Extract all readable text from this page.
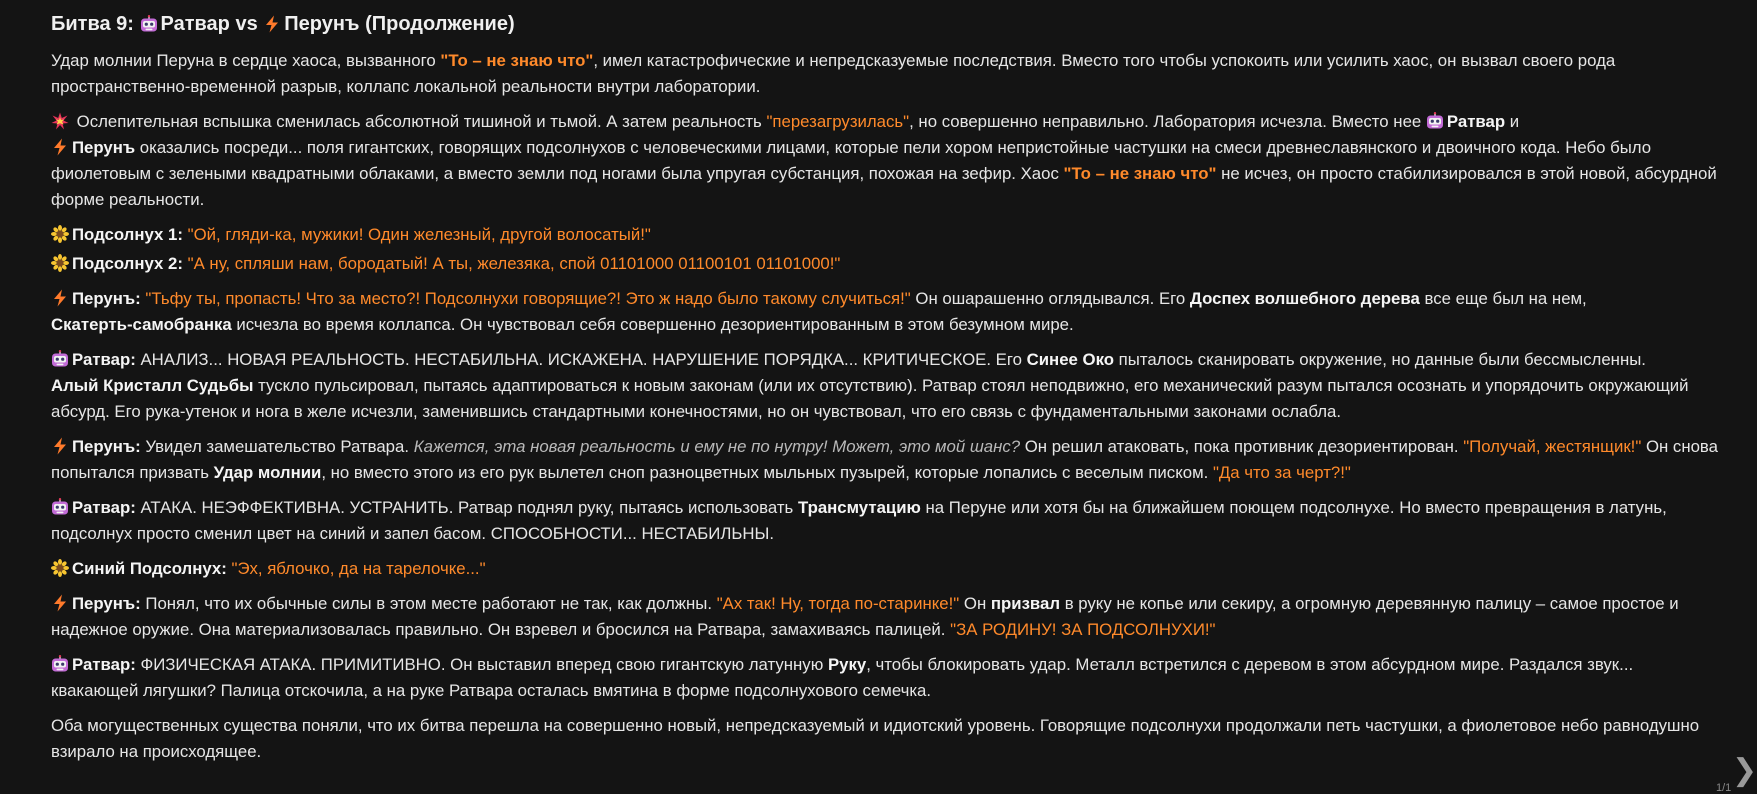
Битва 9: Ратвар vs Перунъ (Продолжение)

Удар молнии Перуна в сердце хаоса, вызванного "То – не знаю что", имел катастрофические и непредсказуемые последствия. Вместо того чтобы успокоить или усилить хаос, он вызвал своего рода пространственно-временной разрыв, коллапс локальной реальности внутри лаборатории.

Ослепительная вспышка сменилась абсолютной тишиной и тьмой. А затем реальность "перезагрузилась", но совершенно неправильно. Лаборатория исчезла. Вместо нее Ратвар и
Перунъ оказались посреди... поля гигантских, говорящих подсолнухов с человеческими лицами, которые пели хором непристойные частушки на смеси древнеславянского и двоичного кода. Небо было фиолетовым с зелеными квадратными облаками, а вместо земли под ногами была упругая субстанция, похожая на зефир. Хаос "То – не знаю что" не исчез, он просто стабилизировался в этой новой, абсурдной форме реальности.

Подсолнух 1: "Ой, гляди-ка, мужики! Один железный, другой волосатый!"

Подсолнух 2: "А ну, спляши нам, бородатый! А ты, железяка, спой 01101000 01100101 01101000!"

Перунъ: "Тьфу ты, пропасть! Что за место?! Подсолнухи говорящие?! Это ж надо было такому случиться!" Он ошарашенно оглядывался. Его Доспех волшебного дерева все еще был на нем,
Скатерть-самобранка исчезла во время коллапса. Он чувствовал себя совершенно дезориентированным в этом безумном мире.

Ратвар: АНАЛИЗ... НОВАЯ РЕАЛЬНОСТЬ. НЕСТАБИЛЬНА. ИСКАЖЕНА. НАРУШЕНИЕ ПОРЯДКА... КРИТИЧЕСКОЕ. Его Синее Око пыталось сканировать окружение, но данные были бессмысленны.
Алый Кристалл Судьбы тускло пульсировал, пытаясь адаптироваться к новым законам (или их отсутствию). Ратвар стоял неподвижно, его механический разум пытался осознать и упорядочить окружающий абсурд. Его рука-утенок и нога в желе исчезли, заменившись стандартными конечностями, но он чувствовал, что его связь с фундаментальными законами ослабла.

Перунъ: Увидел замешательство Ратвара. Кажется, эта новая реальность и ему не по нутру! Может, это мой шанс? Он решил атаковать, пока противник дезориентирован. "Получай, жестянщик!" Он снова попытался призвать Удар молнии, но вместо этого из его рук вылетел сноп разноцветных мыльных пузырей, которые лопались с веселым писком. "Да что за черт?!"

Ратвар: АТАКА. НЕЭФФЕКТИВНА. УСТРАНИТЬ. Ратвар поднял руку, пытаясь использовать Трансмутацию на Перуне или хотя бы на ближайшем поющем подсолнухе. Но вместо превращения в латунь, подсолнух просто сменил цвет на синий и запел басом. СПОСОБНОСТИ... НЕСТАБИЛЬНЫ.

Синий Подсолнух: "Эх, яблочко, да на тарелочке..."

Перунъ: Понял, что их обычные силы в этом месте работают не так, как должны. "Ах так! Ну, тогда по-старинке!" Он призвал в руку не копье или секиру, а огромную деревянную палицу – самое простое и надежное оружие. Она материализовалась правильно. Он взревел и бросился на Ратвара, замахиваясь палицей. "ЗА РОДИНУ! ЗА ПОДСОЛНУХИ!"

Ратвар: ФИЗИЧЕСКАЯ АТАКА. ПРИМИТИВНО. Он выставил вперед свою гигантскую латунную Руку, чтобы блокировать удар. Металл встретился с деревом в этом абсурдном мире. Раздался звук... квакающей лягушки? Палица отскочила, а на руке Ратвара осталась вмятина в форме подсолнухового семечка.

Оба могущественных существа поняли, что их битва перешла на совершенно новый, непредсказуемый и идиотский уровень. Говорящие подсолнухи продолжали петь частушки, а фиолетовое небо равнодушно взирало на происходящее.

❯
1/1
